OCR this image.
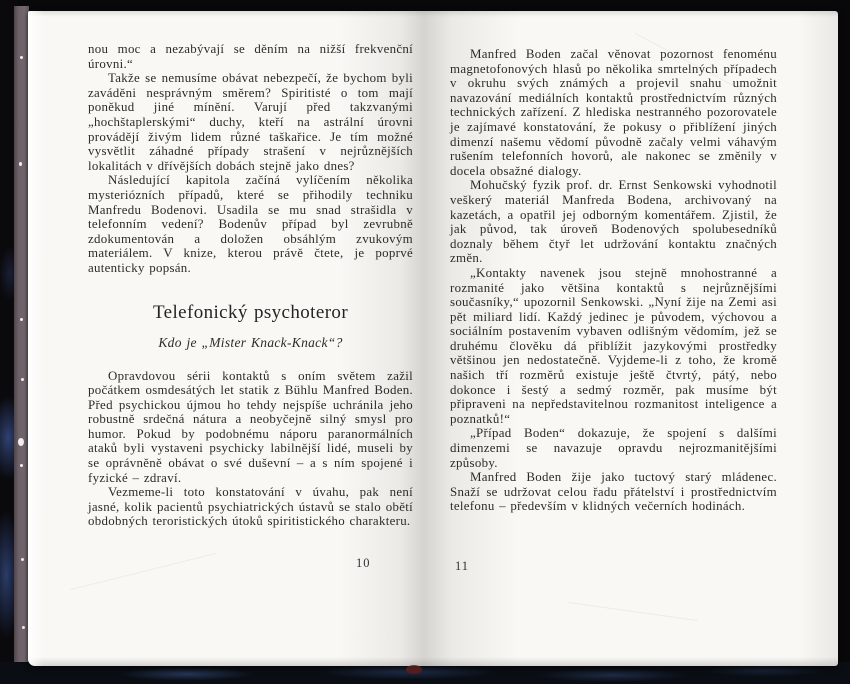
nou moc a nezabývají se děním na nižší frekvenční úrovni.“

Takže se nemusíme obávat nebezpečí, že bychom byli zaváděni nesprávným směrem? Spiritisté o tom mají poněkud jiné mínění. Varují před takzvanými „hochštaplerskými“ duchy, kteří na astrální úrovni provádějí živým lidem různé taškařice. Je tím možné vysvětlit záhadné případy strašení v nejrůznějších lokalitách v dřívějších dobách stejně jako dnes?

Následující kapitola začíná vylíčením několika mysteriózních případů, které se přihodily techniku Manfredu Bodenovi. Usadila se mu snad strašidla v telefonním vedení? Bodenův případ byl zevrubně zdokumentován a doložen obsáhlým zvukovým materiálem. V knize, kterou právě čtete, je poprvé autenticky popsán.

Telefonický psychoteror
Kdo je „Mister Knack-Knack“?

Opravdovou sérii kontaktů s oním světem zažil počátkem osmdesátých let statik z Bühlu Manfred Boden. Před psychickou újmou ho tehdy nejspíše uchránila jeho robustně srdečná nátura a neobyčejně silný smysl pro humor. Pokud by podobnému náporu paranormálních ataků byli vystaveni psychicky labilnější lidé, museli by se oprávněně obávat o své duševní – a s ním spojené i fyzické – zdraví.

Vezmeme-li toto konstatování v úvahu, pak není jasné, kolik pacientů psychiatrických ústavů se stalo obětí obdobných teroristických útoků spiritistického charakteru.

10

Manfred Boden začal věnovat pozornost fenoménu magnetofonových hlasů po několika smrtelných případech v okruhu svých známých a projevil snahu umožnit navazování mediálních kontaktů prostřednictvím různých technických zařízení. Z hlediska nestranného pozorovatele je zajímavé konstatování, že pokusy o přiblížení jiných dimenzí našemu vědomí původně začaly velmi váhavým rušením telefonních hovorů, ale nakonec se změnily v docela obsažné dialogy.

Mohučský fyzik prof. dr. Ernst Senkowski vyhodnotil veškerý materiál Manfreda Bodena, archivovaný na kazetách, a opatřil jej odborným komentářem. Zjistil, že jak původ, tak úroveň Bodenových spolubesedníků doznaly během čtyř let udržování kontaktu značných změn.

„Kontakty navenek jsou stejně mnohostranné a rozmanité jako většina kontaktů s nejrůznějšími současníky,“ upozornil Senkowski. „Nyní žije na Zemi asi pět miliard lidí. Každý jedinec je původem, výchovou a sociálním postavením vybaven odlišným vědomím, jež se druhému člověku dá přiblížit jazykovými prostředky většinou jen nedostatečně. Vyjdeme-li z toho, že kromě našich tří rozměrů existuje ještě čtvrtý, pátý, nebo dokonce i šestý a sedmý rozměr, pak musíme být připraveni na nepředstavitelnou rozmanitost inteligence a poznatků!“

„Případ Boden“ dokazuje, že spojení s dalšími dimenzemi se navazuje opravdu nejrozmanitějšími způsoby.

Manfred Boden žije jako tuctový starý mládenec. Snaží se udržovat celou řadu přátelství i prostřednictvím telefonu – především v klidných večerních hodinách.

11
